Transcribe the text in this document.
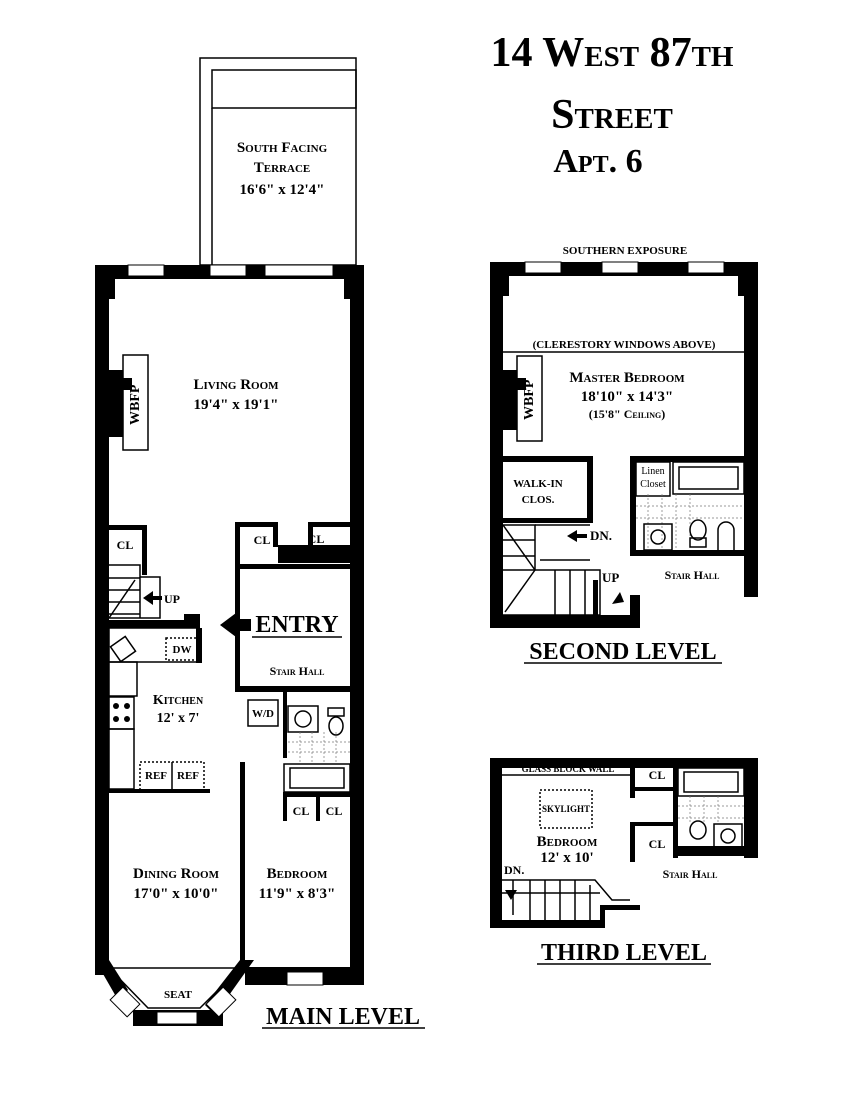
14 West 87th
Street
Apt. 6
WBFP	Living Room
19'4" x 19'1"
CL	CL	CL
UP
ENTRY
Stair Hall
DW
Kitchen
12' x 7'
REF REF
W/D
CL CL
Dining Room
17'0" x 10'0"
Bedroom
11'9" x 8'3"
SEAT
MAIN LEVEL
South Facing
Terrace
16'6" x 12'4"
SOUTHERN EXPOSURE
(CLERESTORY WINDOWS ABOVE)
WBFP
Master Bedroom
18'10" x 14'3"
(15'8" Ceiling)
WALK-IN
CLOS.
Linen
Closet
DN.
UP	Stair Hall
SECOND LEVEL
GLASS BLOCK WALL	CL
CL
SKYLIGHT
Bedroom
12' x 10'
Stair Hall
DN.
THIRD LEVEL
